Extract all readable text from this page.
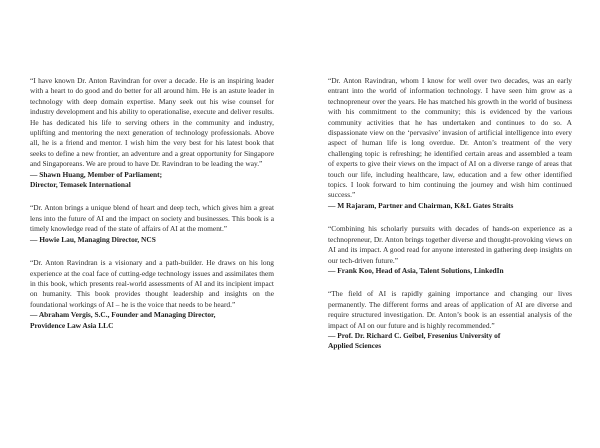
“I have known Dr. Anton Ravindran for over a decade. He is an inspiring leader with a heart to do good and do better for all around him. He is an astute leader in technology with deep domain expertise. Many seek out his wise counsel for industry development and his ability to operationalise, execute and deliver results. He has dedicated his life to serving others in the community and industry, uplifting and mentoring the next generation of technology professionals. Above all, he is a friend and mentor. I wish him the very best for his latest book that seeks to define a new frontier, an adventure and a great opportunity for Singapore and Singaporeans. We are proud to have Dr. Ravindran to be leading the way.”

— Shawn Huang, Member of Parliament;
Director, Temasek International

“Dr. Anton brings a unique blend of heart and deep tech, which gives him a great lens into the future of AI and the impact on society and businesses. This book is a timely knowledge read of the state of affairs of AI at the moment.”

— Howie Lau, Managing Director, NCS

“Dr. Anton Ravindran is a visionary and a path-builder. He draws on his long experience at the coal face of cutting-edge technology issues and assimilates them in this book, which presents real-world assessments of AI and its incipient impact on humanity. This book provides thought leadership and insights on the foundational workings of AI – he is the voice that needs to be heard.”

— Abraham Vergis, S.C., Founder and Managing Director,
Providence Law Asia LLC

“Dr. Anton Ravindran, whom I know for well over two decades, was an early entrant into the world of information technology. I have seen him grow as a technopreneur over the years. He has matched his growth in the world of business with his commitment to the community; this is evidenced by the various community activities that he has undertaken and continues to do so. A dispassionate view on the ‘pervasive’ invasion of artificial intelligence into every aspect of human life is long overdue. Dr. Anton’s treatment of the very challenging topic is refreshing; he identified certain areas and assembled a team of experts to give their views on the impact of AI on a diverse range of areas that touch our life, including healthcare, law, education and a few other identified topics. I look forward to him continuing the journey and wish him continued success.”

— M Rajaram, Partner and Chairman, K&L Gates Straits

“Combining his scholarly pursuits with decades of hands-on experience as a technopreneur, Dr. Anton brings together diverse and thought-provoking views on AI and its impact. A good read for anyone interested in gathering deep insights on our tech-driven future.”

— Frank Koo, Head of Asia, Talent Solutions, LinkedIn

“The field of AI is rapidly gaining importance and changing our lives permanently. The different forms and areas of application of AI are diverse and require structured investigation. Dr. Anton’s book is an essential analysis of the impact of AI on our future and is highly recommended.”

— Prof. Dr. Richard C. Geibel, Fresenius University of
Applied Sciences
